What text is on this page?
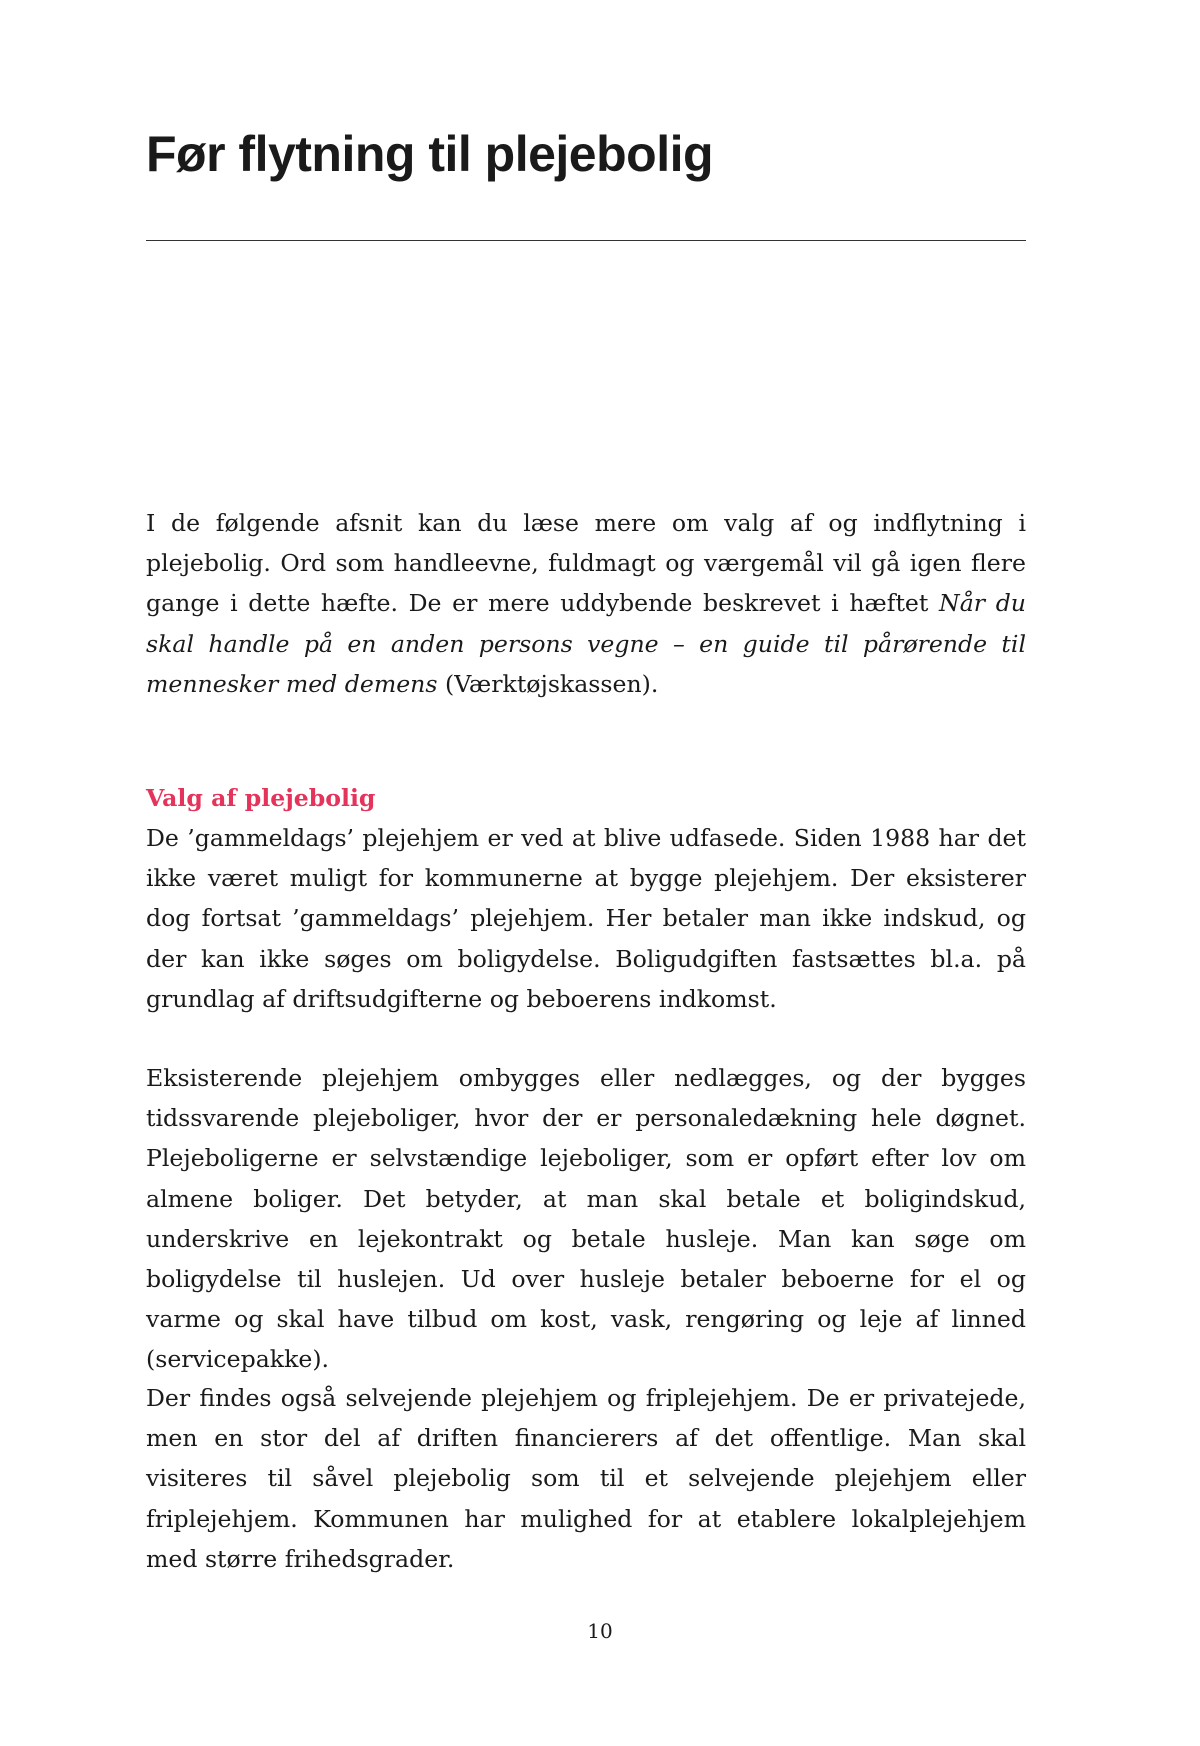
Før flytning til plejebolig

I de følgende afsnit kan du læse mere om valg af og indflytning i plejebolig. Ord som handleevne, fuldmagt og værgemål vil gå igen flere gange i dette hæfte. De er mere uddybende beskrevet i hæftet Når du skal handle på en anden persons vegne – en guide til pårørende til mennesker med demens (Værktøjskassen).

Valg af plejebolig

De ’gammeldags’ plejehjem er ved at blive udfasede. Siden 1988 har det ikke været muligt for kommunerne at bygge plejehjem. Der eksisterer dog fortsat ’gammeldags’ plejehjem. Her betaler man ikke indskud, og der kan ikke søges om boligydelse. Boligudgiften fastsættes bl.a. på grundlag af driftsudgifterne og beboerens indkomst.

Eksisterende plejehjem ombygges eller nedlægges, og der bygges tidssvarende plejeboliger, hvor der er personaledækning hele døgnet. Plejeboligerne er selvstændige lejeboliger, som er opført efter lov om almene boliger. Det betyder, at man skal betale et boligindskud, underskrive en lejekontrakt og betale husleje. Man kan søge om boligydelse til huslejen. Ud over husleje betaler beboerne for el og varme og skal have tilbud om kost, vask, rengøring og leje af linned (servicepakke).

Der findes også selvejende plejehjem og friplejehjem. De er privatejede, men en stor del af driften financierers af det offentlige. Man skal visiteres til såvel plejebolig som til et selvejende plejehjem eller friplejehjem. Kommunen har mulighed for at etablere lokalplejehjem med større frihedsgrader.

10
